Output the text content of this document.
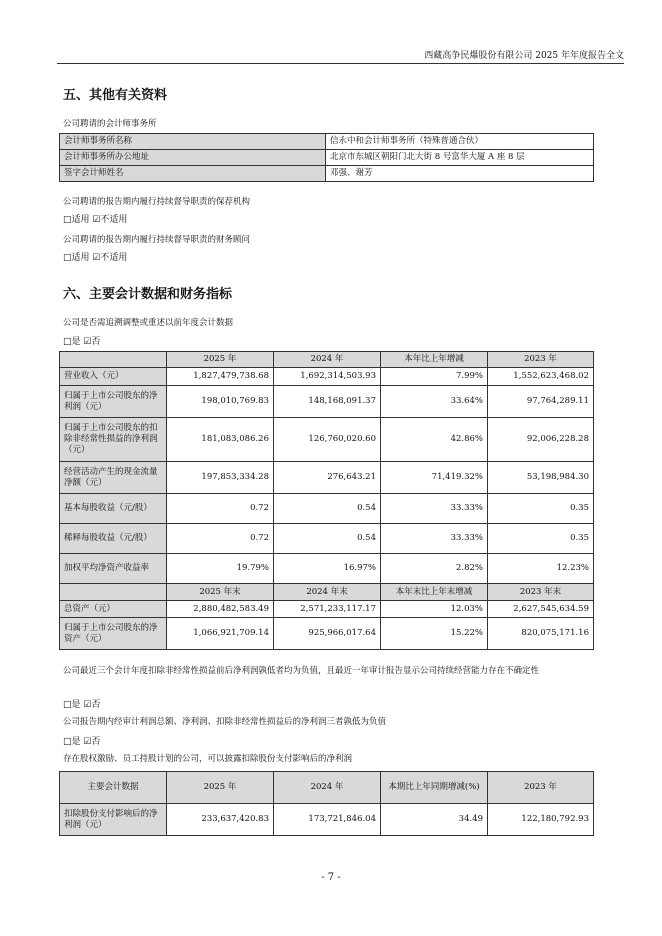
西藏高争民爆股份有限公司 2025 年年度报告全文
五、其他有关资料
公司聘请的会计师事务所
会计师事务所名称	信永中和会计师事务所（特殊普通合伙）
会计师事务所办公地址	北京市东城区朝阳门北大街 8 号富华大厦 A 座 8 层
签字会计师姓名	邓强、谢芳
公司聘请的报告期内履行持续督导职责的保荐机构
□适用 ☑不适用
公司聘请的报告期内履行持续督导职责的财务顾问
□适用 ☑不适用
六、主要会计数据和财务指标
公司是否需追溯调整或重述以前年度会计数据
□是 ☑否
	2025 年	2024 年	本年比上年增减	2023 年
营业收入（元）	1,827,479,738.68	1,692,314,503.93	7.99%	1,552,623,468.02
归属于上市公司股东的净利润（元）	198,010,769.83	148,168,091.37	33.64%	97,764,289.11
归属于上市公司股东的扣除非经常性损益的净利润（元）	181,083,086.26	126,760,020.60	42.86%	92,006,228.28
经营活动产生的现金流量净额（元）	197,853,334.28	276,643.21	71,419.32%	53,198,984.30
基本每股收益（元/股）	0.72	0.54	33.33%	0.35
稀释每股收益（元/股）	0.72	0.54	33.33%	0.35
加权平均净资产收益率	19.79%	16.97%	2.82%	12.23%
	2025 年末	2024 年末	本年末比上年末增减	2023 年末
总资产（元）	2,880,482,583.49	2,571,233,117.17	12.03%	2,627,545,634.59
归属于上市公司股东的净资产（元）	1,066,921,709.14	925,966,017.64	15.22%	820,075,171.16
公司最近三个会计年度扣除非经常性损益前后净利润孰低者均为负值，且最近一年审计报告显示公司持续经营能力存在不确定性
□是 ☑否
公司报告期内经审计利润总额、净利润、扣除非经常性损益后的净利润三者孰低为负值
□是 ☑否
存在股权激励、员工持股计划的公司，可以披露扣除股份支付影响后的净利润
主要会计数据	2025 年	2024 年	本期比上年同期增减(%)	2023 年
扣除股份支付影响后的净利润（元）	233,637,420.83	173,721,846.04	34.49	122,180,792.93
- 7 -
